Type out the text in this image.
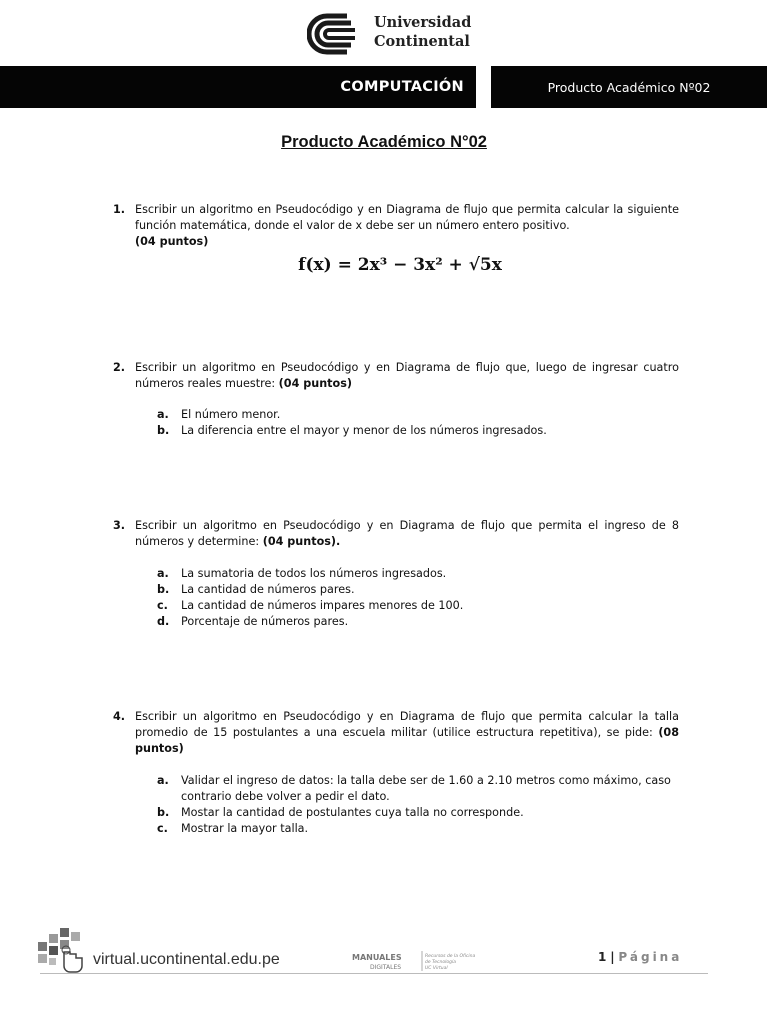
Universidad
Continental
COMPUTACIÓN	Producto Académico Nº02
Producto Académico N°02
1. Escribir un algoritmo en Pseudocódigo y en Diagrama de flujo que permita calcular la siguiente función matemática, donde el valor de x debe ser un número entero positivo.
(04 puntos)
f(x) = 2x³ − 3x² + √5x
2. Escribir un algoritmo en Pseudocódigo y en Diagrama de flujo que, luego de ingresar cuatro números reales muestre: (04 puntos)
a. El número menor.
b. La diferencia entre el mayor y menor de los números ingresados.
3. Escribir un algoritmo en Pseudocódigo y en Diagrama de flujo que permita el ingreso de 8 números y determine: (04 puntos).
a. La sumatoria de todos los números ingresados.
b. La cantidad de números pares.
c. La cantidad de números impares menores de 100.
d. Porcentaje de números pares.
4. Escribir un algoritmo en Pseudocódigo y en Diagrama de flujo que permita calcular la talla promedio de 15 postulantes a una escuela militar (utilice estructura repetitiva), se pide: (08 puntos)
a. Validar el ingreso de datos: la talla debe ser de 1.60 a 2.10 metros como máximo, caso contrario debe volver a pedir el dato.
b. Mostar la cantidad de postulantes cuya talla no corresponde.
c. Mostrar la mayor talla.
virtual.ucontinental.edu.pe	MANUALES
DIGITALES
Recursos de la Oficina
de Tecnología
UC Virtual
1 | Página
